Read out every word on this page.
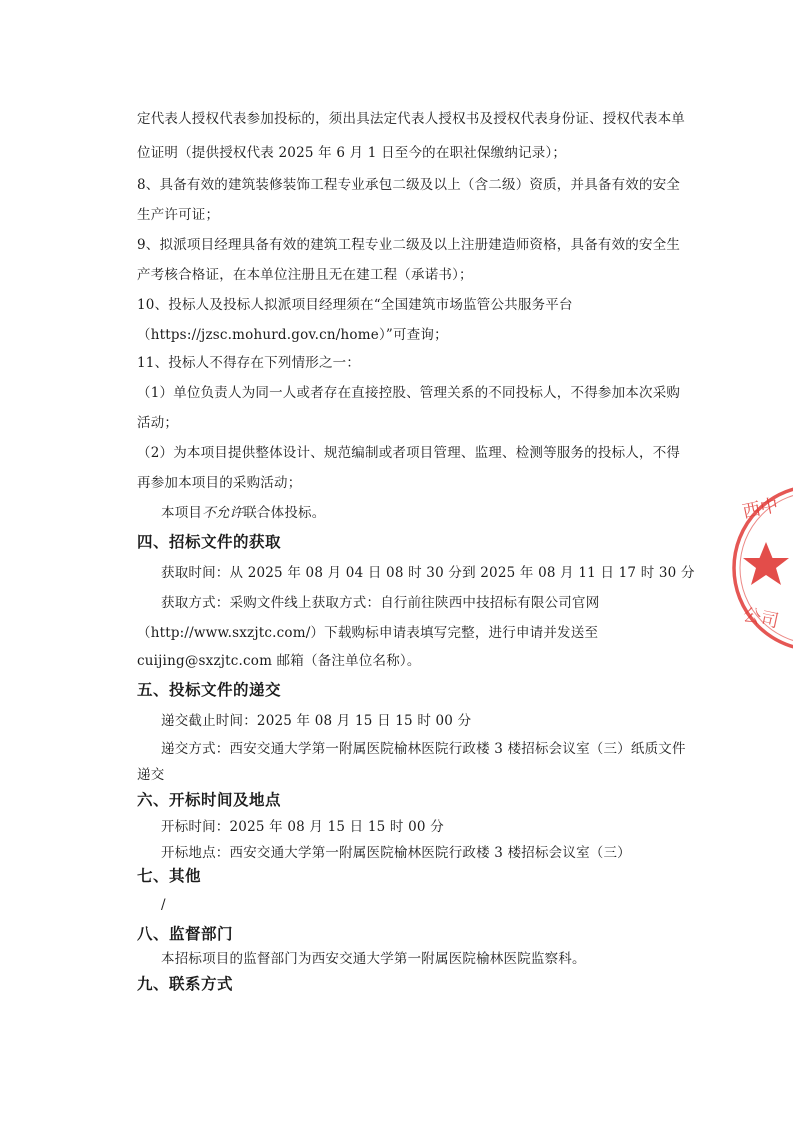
定代表人授权代表参加投标的，须出具法定代表人授权书及授权代表身份证、授权代表本单
位证明（提供授权代表 2025 年 6 月 1 日至今的在职社保缴纳记录）；
8、具备有效的建筑装修装饰工程专业承包二级及以上（含二级）资质，并具备有效的安全
生产许可证；
9、拟派项目经理具备有效的建筑工程专业二级及以上注册建造师资格，具备有效的安全生
产考核合格证，在本单位注册且无在建工程（承诺书）；
10、投标人及投标人拟派项目经理须在“全国建筑市场监管公共服务平台
（https://jzsc.mohurd.gov.cn/home）”可查询；
11、投标人不得存在下列情形之一：
（1）单位负责人为同一人或者存在直接控股、管理关系的不同投标人，不得参加本次采购
活动；
（2）为本项目提供整体设计、规范编制或者项目管理、监理、检测等服务的投标人，不得
再参加本项目的采购活动；
本项目不允许联合体投标。
四、招标文件的获取
获取时间：从 2025 年 08 月 04 日 08 时 30 分到 2025 年 08 月 11 日 17 时 30 分
获取方式：采购文件线上获取方式：自行前往陕西中技招标有限公司官网
（http://www.sxzjtc.com/）下载购标申请表填写完整，进行申请并发送至
cuijing@sxzjtc.com 邮箱（备注单位名称）。
五、投标文件的递交
递交截止时间：2025 年 08 月 15 日 15 时 00 分
递交方式：西安交通大学第一附属医院榆林医院行政楼 3 楼招标会议室（三）纸质文件
递交
六、开标时间及地点
开标时间：2025 年 08 月 15 日 15 时 00 分
开标地点：西安交通大学第一附属医院榆林医院行政楼 3 楼招标会议室（三）
七、其他
/
八、监督部门
本招标项目的监督部门为西安交通大学第一附属医院榆林医院监察科。
九、联系方式
西中
公司
